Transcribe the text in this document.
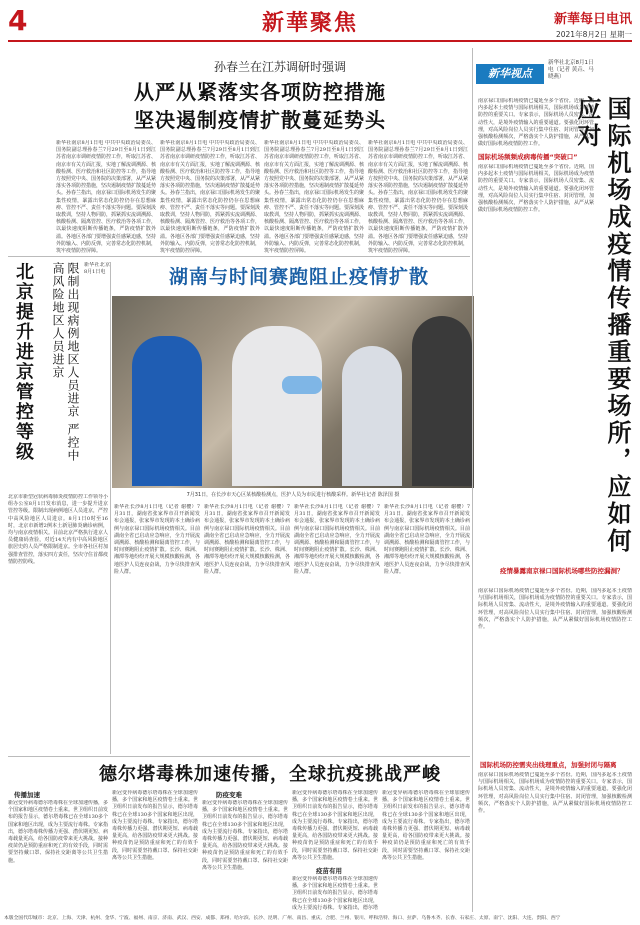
4	新華聚焦	新華每日电讯
2021年8月2日 星期一
孙春兰在江苏调研时强调
从严从紧落实各项防控措施
坚决遏制疫情扩散蔓延势头
新华社南京8月1日电 中共中央政治局委员、国务院副总理孙春兰7月29日至8月1日到江苏省南京市调研疫情防控工作，听取江苏省、南京市有关方面汇报，实地了解流调溯源、核酸检测、医疗救治和社区防控等工作，指导地方按照党中央、国务院的决策部署，从严从紧落实各项防控措施，坚决遏制疫情扩散蔓延势头。孙春兰指出，南京禄口国际机场发生的聚集性疫情，暴露出常态化防控仍存在思想麻痹、管控不严、责任不落实等问题。要深刻汲取教训，坚持人物同防，抓紧抓实流调溯源、核酸检测、隔离管控、医疗救治等各项工作，以最快速度阻断传播链条，严防疫情扩散外溢。各地区各部门要增强责任感紧迫感，坚持外防输入、内防反弹，完善常态化防控机制，筑牢疫情防控屏障。
新华社南京8月1日电 中共中央政治局委员、国务院副总理孙春兰7月29日至8月1日到江苏省南京市调研疫情防控工作，听取江苏省、南京市有关方面汇报，实地了解流调溯源、核酸检测、医疗救治和社区防控等工作，指导地方按照党中央、国务院的决策部署，从严从紧落实各项防控措施，坚决遏制疫情扩散蔓延势头。孙春兰指出，南京禄口国际机场发生的聚集性疫情，暴露出常态化防控仍存在思想麻痹、管控不严、责任不落实等问题。要深刻汲取教训，坚持人物同防，抓紧抓实流调溯源、核酸检测、隔离管控、医疗救治等各项工作，以最快速度阻断传播链条，严防疫情扩散外溢。各地区各部门要增强责任感紧迫感，坚持外防输入、内防反弹，完善常态化防控机制，筑牢疫情防控屏障。
新华社南京8月1日电 中共中央政治局委员、国务院副总理孙春兰7月29日至8月1日到江苏省南京市调研疫情防控工作，听取江苏省、南京市有关方面汇报，实地了解流调溯源、核酸检测、医疗救治和社区防控等工作，指导地方按照党中央、国务院的决策部署，从严从紧落实各项防控措施，坚决遏制疫情扩散蔓延势头。孙春兰指出，南京禄口国际机场发生的聚集性疫情，暴露出常态化防控仍存在思想麻痹、管控不严、责任不落实等问题。要深刻汲取教训，坚持人物同防，抓紧抓实流调溯源、核酸检测、隔离管控、医疗救治等各项工作，以最快速度阻断传播链条，严防疫情扩散外溢。各地区各部门要增强责任感紧迫感，坚持外防输入、内防反弹，完善常态化防控机制，筑牢疫情防控屏障。
新华社南京8月1日电 中共中央政治局委员、国务院副总理孙春兰7月29日至8月1日到江苏省南京市调研疫情防控工作，听取江苏省、南京市有关方面汇报，实地了解流调溯源、核酸检测、医疗救治和社区防控等工作，指导地方按照党中央、国务院的决策部署，从严从紧落实各项防控措施，坚决遏制疫情扩散蔓延势头。孙春兰指出，南京禄口国际机场发生的聚集性疫情，暴露出常态化防控仍存在思想麻痹、管控不严、责任不落实等问题。要深刻汲取教训，坚持人物同防，抓紧抓实流调溯源、核酸检测、隔离管控、医疗救治等各项工作，以最快速度阻断传播链条，严防疫情扩散外溢。各地区各部门要增强责任感紧迫感，坚持外防输入、内防反弹，完善常态化防控机制，筑牢疫情防控屏障。
北京提升进京管控等级	限制出现病例地区人员进京 严控中高风险地区人员进京	新华社北京8月1日电
北京市新型冠状病毒肺炎疫情防控工作领导小组办公室8月1日发布消息，进一步提升进京管控等级。限制出现病例地区人员进京，严控中高风险地区人员进京。8月1日0时至16时，北京市新增2例本土新冠肺炎确诊病例，均与南京疫情相关。目前北京严格执行进京人员健康码查验，对近14天内有中高风险地区旅居史的人员严格限制进京。全市各社区村加强排查管控，落实四方责任，坚决守住首都疫情防控防线。
湖南与时间赛跑阻止疫情扩散
7月31日，在长沙市天心区某核酸检测点，医护人员为市民进行核酸采样。新华社记者 陈泽国 摄
新华社长沙8月1日电（记者 谢樱）7月31日，湖南省张家界市召开新闻发布会通报，张家界市发现的本土确诊病例与南京禄口国际机场疫情相关。目前湖南全省已启动应急响应，全力开展流调溯源、核酸检测和隔离管控工作，与时间赛跑阻止疫情扩散。长沙、株洲、湘潭等地纷纷开展大规模核酸检测，各地医护人员连夜奋战，力争尽快排查风险人群。
新华社长沙8月1日电（记者 谢樱）7月31日，湖南省张家界市召开新闻发布会通报，张家界市发现的本土确诊病例与南京禄口国际机场疫情相关。目前湖南全省已启动应急响应，全力开展流调溯源、核酸检测和隔离管控工作，与时间赛跑阻止疫情扩散。长沙、株洲、湘潭等地纷纷开展大规模核酸检测，各地医护人员连夜奋战，力争尽快排查风险人群。
新华社长沙8月1日电（记者 谢樱）7月31日，湖南省张家界市召开新闻发布会通报，张家界市发现的本土确诊病例与南京禄口国际机场疫情相关。目前湖南全省已启动应急响应，全力开展流调溯源、核酸检测和隔离管控工作，与时间赛跑阻止疫情扩散。长沙、株洲、湘潭等地纷纷开展大规模核酸检测，各地医护人员连夜奋战，力争尽快排查风险人群。
新华社长沙8月1日电（记者 谢樱）7月31日，湖南省张家界市召开新闻发布会通报，张家界市发现的本土确诊病例与南京禄口国际机场疫情相关。目前湖南全省已启动应急响应，全力开展流调溯源、核酸检测和隔离管控工作，与时间赛跑阻止疫情扩散。长沙、株洲、湘潭等地纷纷开展大规模核酸检测，各地医护人员连夜奋战，力争尽快排查风险人群。
德尔塔毒株加速传播，全球抗疫挑战严峻
传播加速
新冠变异病毒德尔塔毒株在全球加速传播，多个国家和地区疫情卷土重来。世卫组织日前发布的报告显示，德尔塔毒株已在全球130多个国家和地区出现，成为主要流行毒株。专家指出，德尔塔毒株传播力更强、潜伏期更短、病毒载量更高，给各国防疫带来更大挑战。接种疫苗仍是预防重症和死亡的有效手段，同时需要坚持戴口罩、保持社交距离等公共卫生措施。
新冠变异病毒德尔塔毒株在全球加速传播，多个国家和地区疫情卷土重来。世卫组织日前发布的报告显示，德尔塔毒株已在全球130多个国家和地区出现，成为主要流行毒株。专家指出，德尔塔毒株传播力更强、潜伏期更短、病毒载量更高，给各国防疫带来更大挑战。接种疫苗仍是预防重症和死亡的有效手段，同时需要坚持戴口罩、保持社交距离等公共卫生措施。
防疫变难
新冠变异病毒德尔塔毒株在全球加速传播，多个国家和地区疫情卷土重来。世卫组织日前发布的报告显示，德尔塔毒株已在全球130多个国家和地区出现，成为主要流行毒株。专家指出，德尔塔毒株传播力更强、潜伏期更短、病毒载量更高，给各国防疫带来更大挑战。接种疫苗仍是预防重症和死亡的有效手段，同时需要坚持戴口罩、保持社交距离等公共卫生措施。
新冠变异病毒德尔塔毒株在全球加速传播，多个国家和地区疫情卷土重来。世卫组织日前发布的报告显示，德尔塔毒株已在全球130多个国家和地区出现，成为主要流行毒株。专家指出，德尔塔毒株传播力更强、潜伏期更短、病毒载量更高，给各国防疫带来更大挑战。接种疫苗仍是预防重症和死亡的有效手段，同时需要坚持戴口罩、保持社交距离等公共卫生措施。
疫苗有用
新冠变异病毒德尔塔毒株在全球加速传播，多个国家和地区疫情卷土重来。世卫组织日前发布的报告显示，德尔塔毒株已在全球130多个国家和地区出现，成为主要流行毒株。专家指出，德尔塔
新冠变异病毒德尔塔毒株在全球加速传播，多个国家和地区疫情卷土重来。世卫组织日前发布的报告显示，德尔塔毒株已在全球130多个国家和地区出现，成为主要流行毒株。专家指出，德尔塔毒株传播力更强、潜伏期更短、病毒载量更高，给各国防疫带来更大挑战。接种疫苗仍是预防重症和死亡的有效手段，同时需要坚持戴口罩、保持社交距离等公共卫生措施。
新华视点
新华社北京8月1日电（记者 黄垚、马晓燕）
国际机场成疫情传播重要场所，应如何应对
南京禄口国际机场疫情已蔓延至多个省份。近期，国内多起本土疫情与国际机场相关，国际机场成为疫情防控的重要关口。专家表示，国际机场人员密集、流动性大，是境外疫情输入的重要通道。要强化闭环管理，对高风险岗位人员实行集中住宿、封闭管理，加强核酸检测频次，严格落实个人防护措施，从严从紧做好国际机场疫情防控工作。
国际机场频频成病毒传播“突破口”
南京禄口国际机场疫情已蔓延至多个省份。近期，国内多起本土疫情与国际机场相关，国际机场成为疫情防控的重要关口。专家表示，国际机场人员密集、流动性大，是境外疫情输入的重要通道。要强化闭环管理，对高风险岗位人员实行集中住宿、封闭管理，加强核酸检测频次，严格落实个人防护措施，从严从紧做好国际机场疫情防控工作。
疫情暴露南京禄口国际机场哪些防控漏洞？
南京禄口国际机场疫情已蔓延至多个省份。近期，国内多起本土疫情与国际机场相关，国际机场成为疫情防控的重要关口。专家表示，国际机场人员密集、流动性大，是境外疫情输入的重要通道。要强化闭环管理，对高风险岗位人员实行集中住宿、封闭管理，加强核酸检测频次，严格落实个人防护措施，从严从紧做好国际机场疫情防控工作。
国际机场防控需夹出线理重点，加强封闭与隔离
南京禄口国际机场疫情已蔓延至多个省份。近期，国内多起本土疫情与国际机场相关，国际机场成为疫情防控的重要关口。专家表示，国际机场人员密集、流动性大，是境外疫情输入的重要通道。要强化闭环管理，对高风险岗位人员实行集中住宿、封闭管理，加强核酸检测频次，严格落实个人防护措施，从严从紧做好国际机场疫情防控工作。
本版全国代印城市：北京、上海、天津、杭州、金华、宁波、福州、南京、济南、武汉、西安、成都、郑州、哈尔滨、长沙、昆明、广州、南昌、重庆、合肥、兰州、银川、呼和浩特、海口、拉萨、乌鲁木齐、长春、石家庄、太原、南宁、沈阳、大连、贵阳、西宁
